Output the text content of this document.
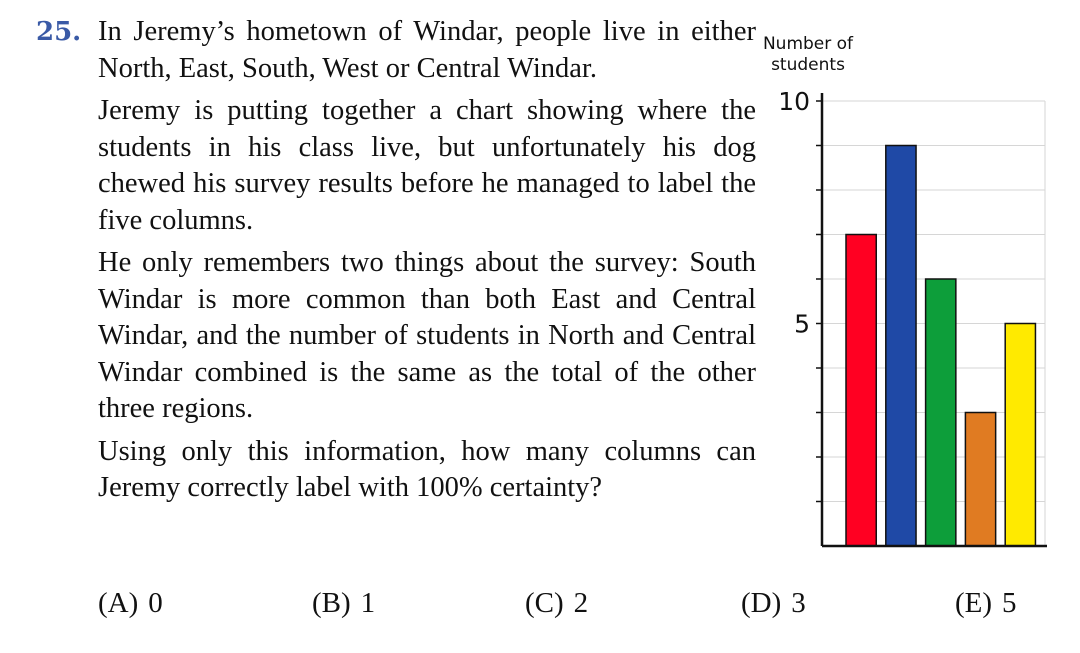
25. In Jeremy’s hometown of Windar, people live in either North, East, South, West or Central Windar.

Jeremy is putting together a chart showing where the students in his class live, but unfortunately his dog chewed his survey results before he managed to label the five columns.

He only remembers two things about the survey: South Windar is more common than both East and Central Windar, and the number of students in North and Central Windar combined is the same as the total of the other three regions.

Using only this information, how many columns can Jeremy correctly label with 100% certainty?

(A) 0	(B) 1	(C) 2	(D) 3	(E) 5
Number of
students
5
10
